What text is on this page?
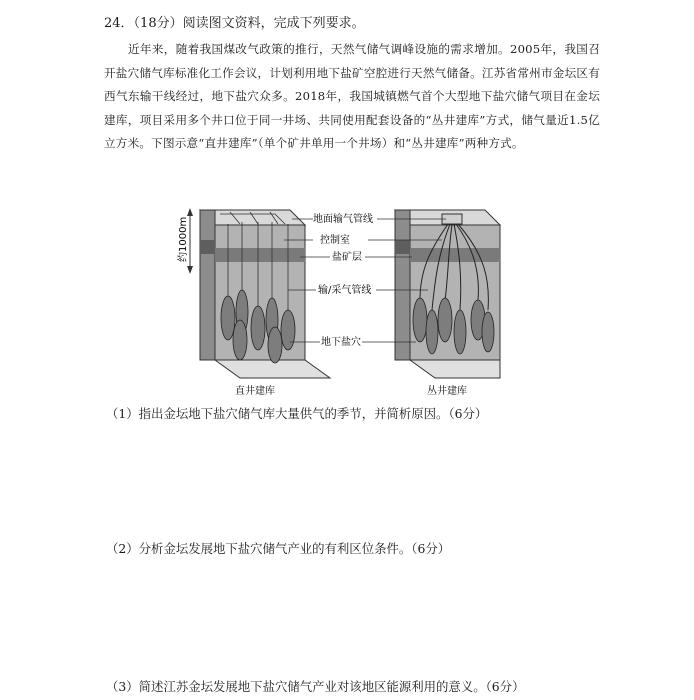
24．（18分）阅读图文资料，完成下列要求。
近年来，随着我国煤改气政策的推行，天然气储气调峰设施的需求增加。2005年，我国召开盐穴储气库标准化工作会议，计划利用地下盐矿空腔进行天然气储备。江苏省常州市金坛区有西气东输干线经过，地下盐穴众多。2018年，我国城镇燃气首个大型地下盐穴储气项目在金坛建库，项目采用多个井口位于同一井场、共同使用配套设备的“丛井建库”方式，储气量近1.5亿立方米。下图示意“直井建库”（单个矿井单用一个井场）和“丛井建库”两种方式。
约1000m	地面输气管线
控制室
盐矿层
输/采气管线
地下盐穴
直井建库	丛井建库
（1）指出金坛地下盐穴储气库大量供气的季节，并简析原因。（6分）
（2）分析金坛发展地下盐穴储气产业的有利区位条件。（6分）
（3）简述江苏金坛发展地下盐穴储气产业对该地区能源利用的意义。（6分）
